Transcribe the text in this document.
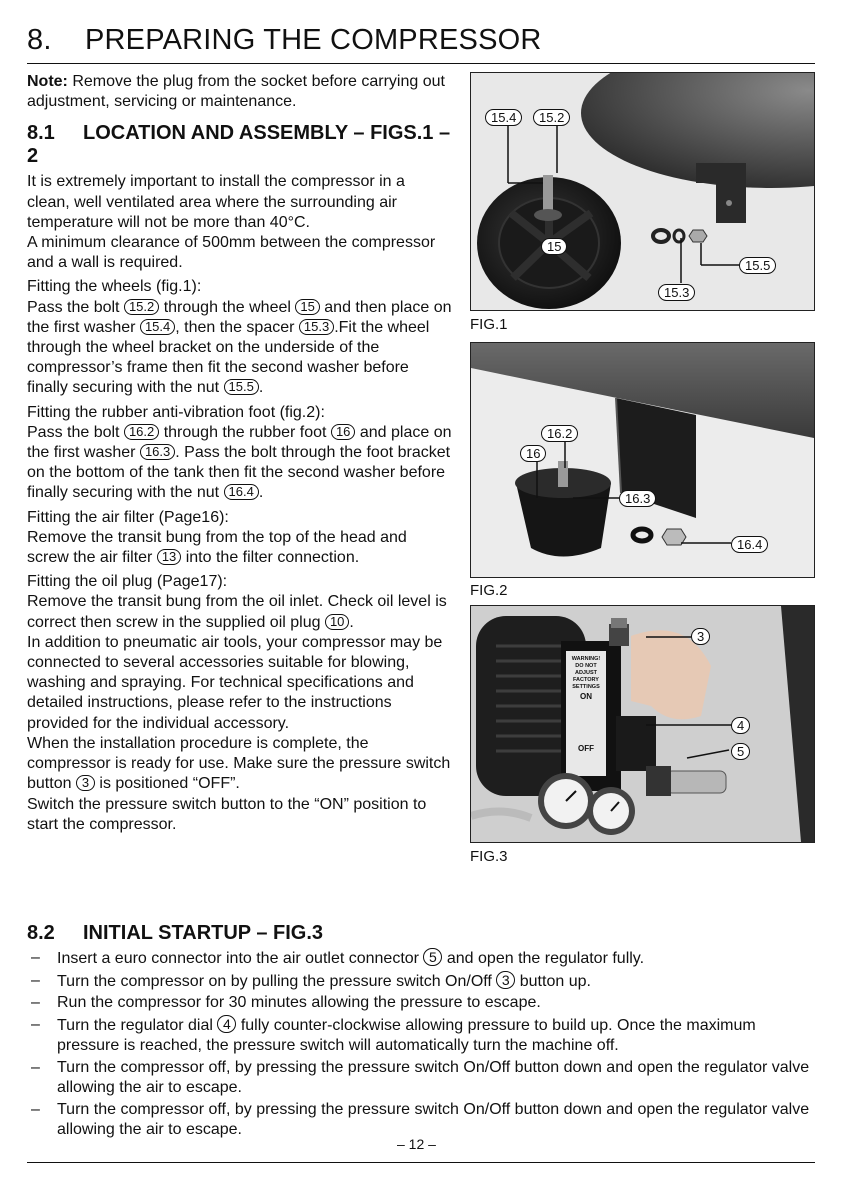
8. PREPARING THE COMPRESSOR

Note: Remove the plug from the socket before carrying out adjustment, servicing or maintenance.

8.1 LOCATION AND ASSEMBLY – FIGS.1 – 2

It is extremely important to install the compressor in a clean, well ventilated area where the surrounding air temperature will not be more than 40°C.

A minimum clearance of 500mm between the compressor and a wall is required.

Fitting the wheels (fig.1):

Pass the bolt 15.2 through the wheel 15 and then place on the first washer 15.4 , then the spacer 15.3 .Fit the wheel through the wheel bracket on the underside of the compressor’s frame then fit the second washer before finally securing with the nut 15.5 .

Fitting the rubber anti-vibration foot (fig.2):

Pass the bolt 16.2 through the rubber foot 16 and place on the first washer 16.3 . Pass the bolt through the foot bracket on the bottom of the tank then fit the second washer before finally securing with the nut 16.4 .

Fitting the air filter (Page16):

Remove the transit bung from the top of the head and screw the air filter 13 into the filter connection.

Fitting the oil plug (Page17):

Remove the transit bung from the oil inlet. Check oil level is correct then screw in the supplied oil plug 10 .

In addition to pneumatic air tools, your compressor may be connected to several accessories suitable for blowing, washing and spraying. For technical specifications and detailed instructions, please refer to the instructions provided for the individual accessory.

When the installation procedure is complete, the compressor is ready for use. Make sure the pressure switch button 3 is positioned “OFF”.

Switch the pressure switch button to the “ON” position to start the compressor.

15.4	15.2
15
15.5
15.3
FIG.1
16.2
16
16.3
16.4
FIG.2
WARNING!
DO NOT ADJUST
FACTORY
SETTINGS
ON
OFF
3
4
5
FIG.3
8.2 INITIAL STARTUP – FIG.3
– Insert a euro connector into the air outlet connector 5 and open the regulator fully.
– Turn the compressor on by pulling the pressure switch On/Off 3 button up.
– Run the compressor for 30 minutes allowing the pressure to escape.
– Turn the regulator dial 4 fully counter-clockwise allowing pressure to build up. Once the maximum pressure is reached, the pressure switch will automatically turn the machine off.
– Turn the compressor off, by pressing the pressure switch On/Off button down and open the regulator valve allowing the air to escape.
– Turn the compressor off, by pressing the pressure switch On/Off button down and open the regulator valve allowing the air to escape.
– 12 –
